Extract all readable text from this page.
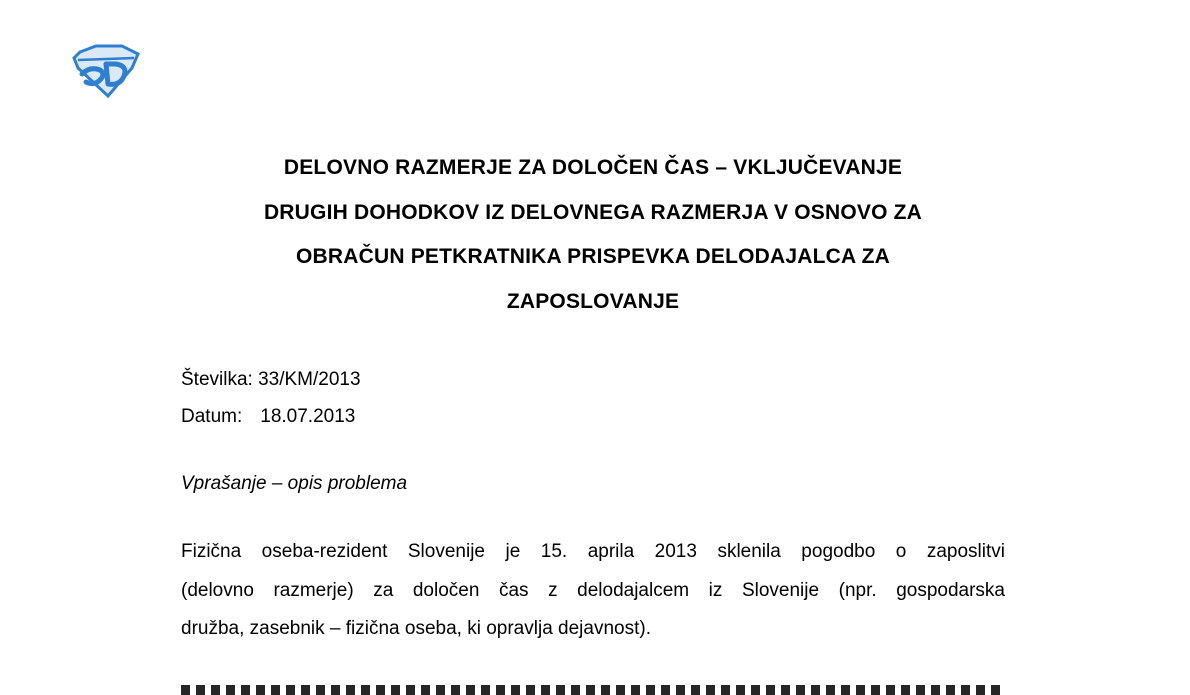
DELOVNO RAZMERJE ZA DOLOČEN ČAS – VKLJUČEVANJE
DRUGIH DOHODKOV IZ DELOVNEGA RAZMERJA V OSNOVO ZA
OBRAČUN PETKRATNIKA PRISPEVKA DELODAJALCA ZA
ZAPOSLOVANJE
Številka: 33/KM/2013
Datum: 18.07.2013
Vprašanje – opis problema
Fizična oseba-rezident Slovenije je 15. aprila 2013 sklenila pogodbo o zaposlitvi
(delovno razmerje) za določen čas z delodajalcem iz Slovenije (npr. gospodarska
družba, zasebnik – fizična oseba, ki opravlja dejavnost).
